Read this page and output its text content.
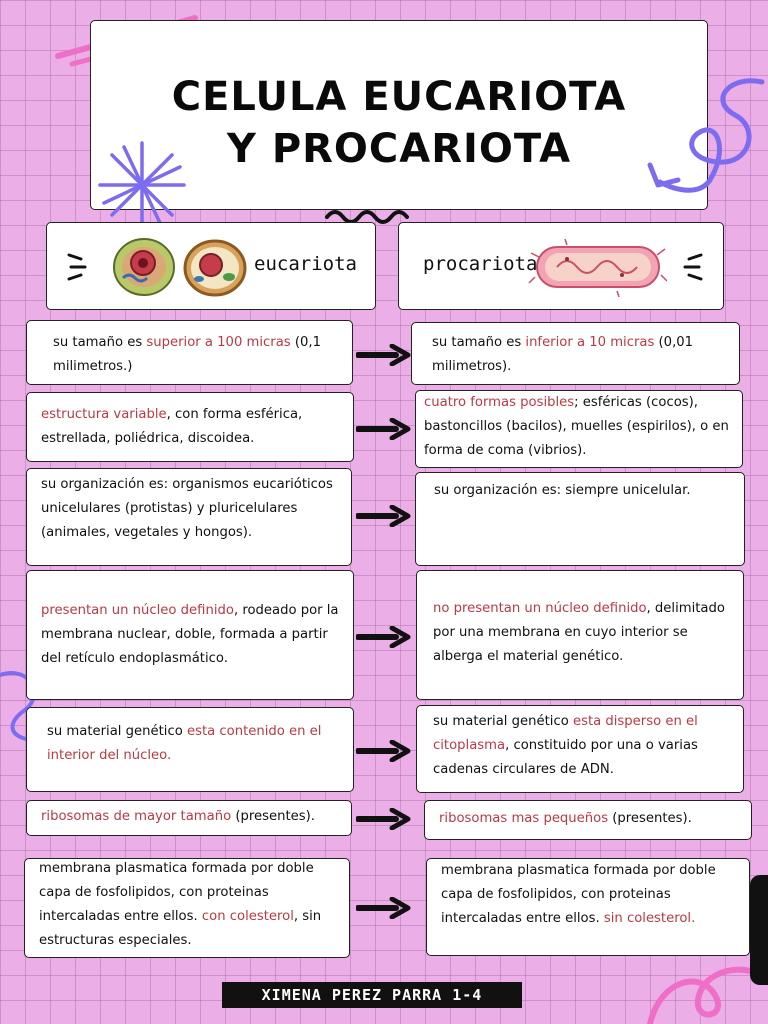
CELULA EUCARIOTA
Y PROCARIOTA
eucariota	procariota
su tamaño es superior a 100 micras (0,1 milimetros.)
su tamaño es inferior a 10 micras (0,01 milimetros).
estructura variable, con forma esférica, estrellada, poliédrica, discoidea.
cuatro formas posibles; esféricas (cocos), bastoncillos (bacilos), muelles (espirilos), o en forma de coma (vibrios).
su organización es: organismos eucarióticos unicelulares (protistas) y pluricelulares (animales, vegetales y hongos).
su organización es: siempre unicelular.
presentan un núcleo definido, rodeado por la membrana nuclear, doble, formada a partir del retículo endoplasmático.
no presentan un núcleo definido, delimitado por una membrana en cuyo interior se alberga el material genético.
su material genético esta contenido en el interior del núcleo.
su material genético esta disperso en el citoplasma, constituido por una o varias cadenas circulares de ADN.
ribosomas de mayor tamaño (presentes).	ribosomas mas pequeños (presentes).
membrana plasmatica formada por doble capa de fosfolipidos, con proteinas intercaladas entre ellos. con colesterol, sin estructuras especiales.
membrana plasmatica formada por doble capa de fosfolipidos, con proteinas intercaladas entre ellos. sin colesterol.
XIMENA PEREZ PARRA 1-4
